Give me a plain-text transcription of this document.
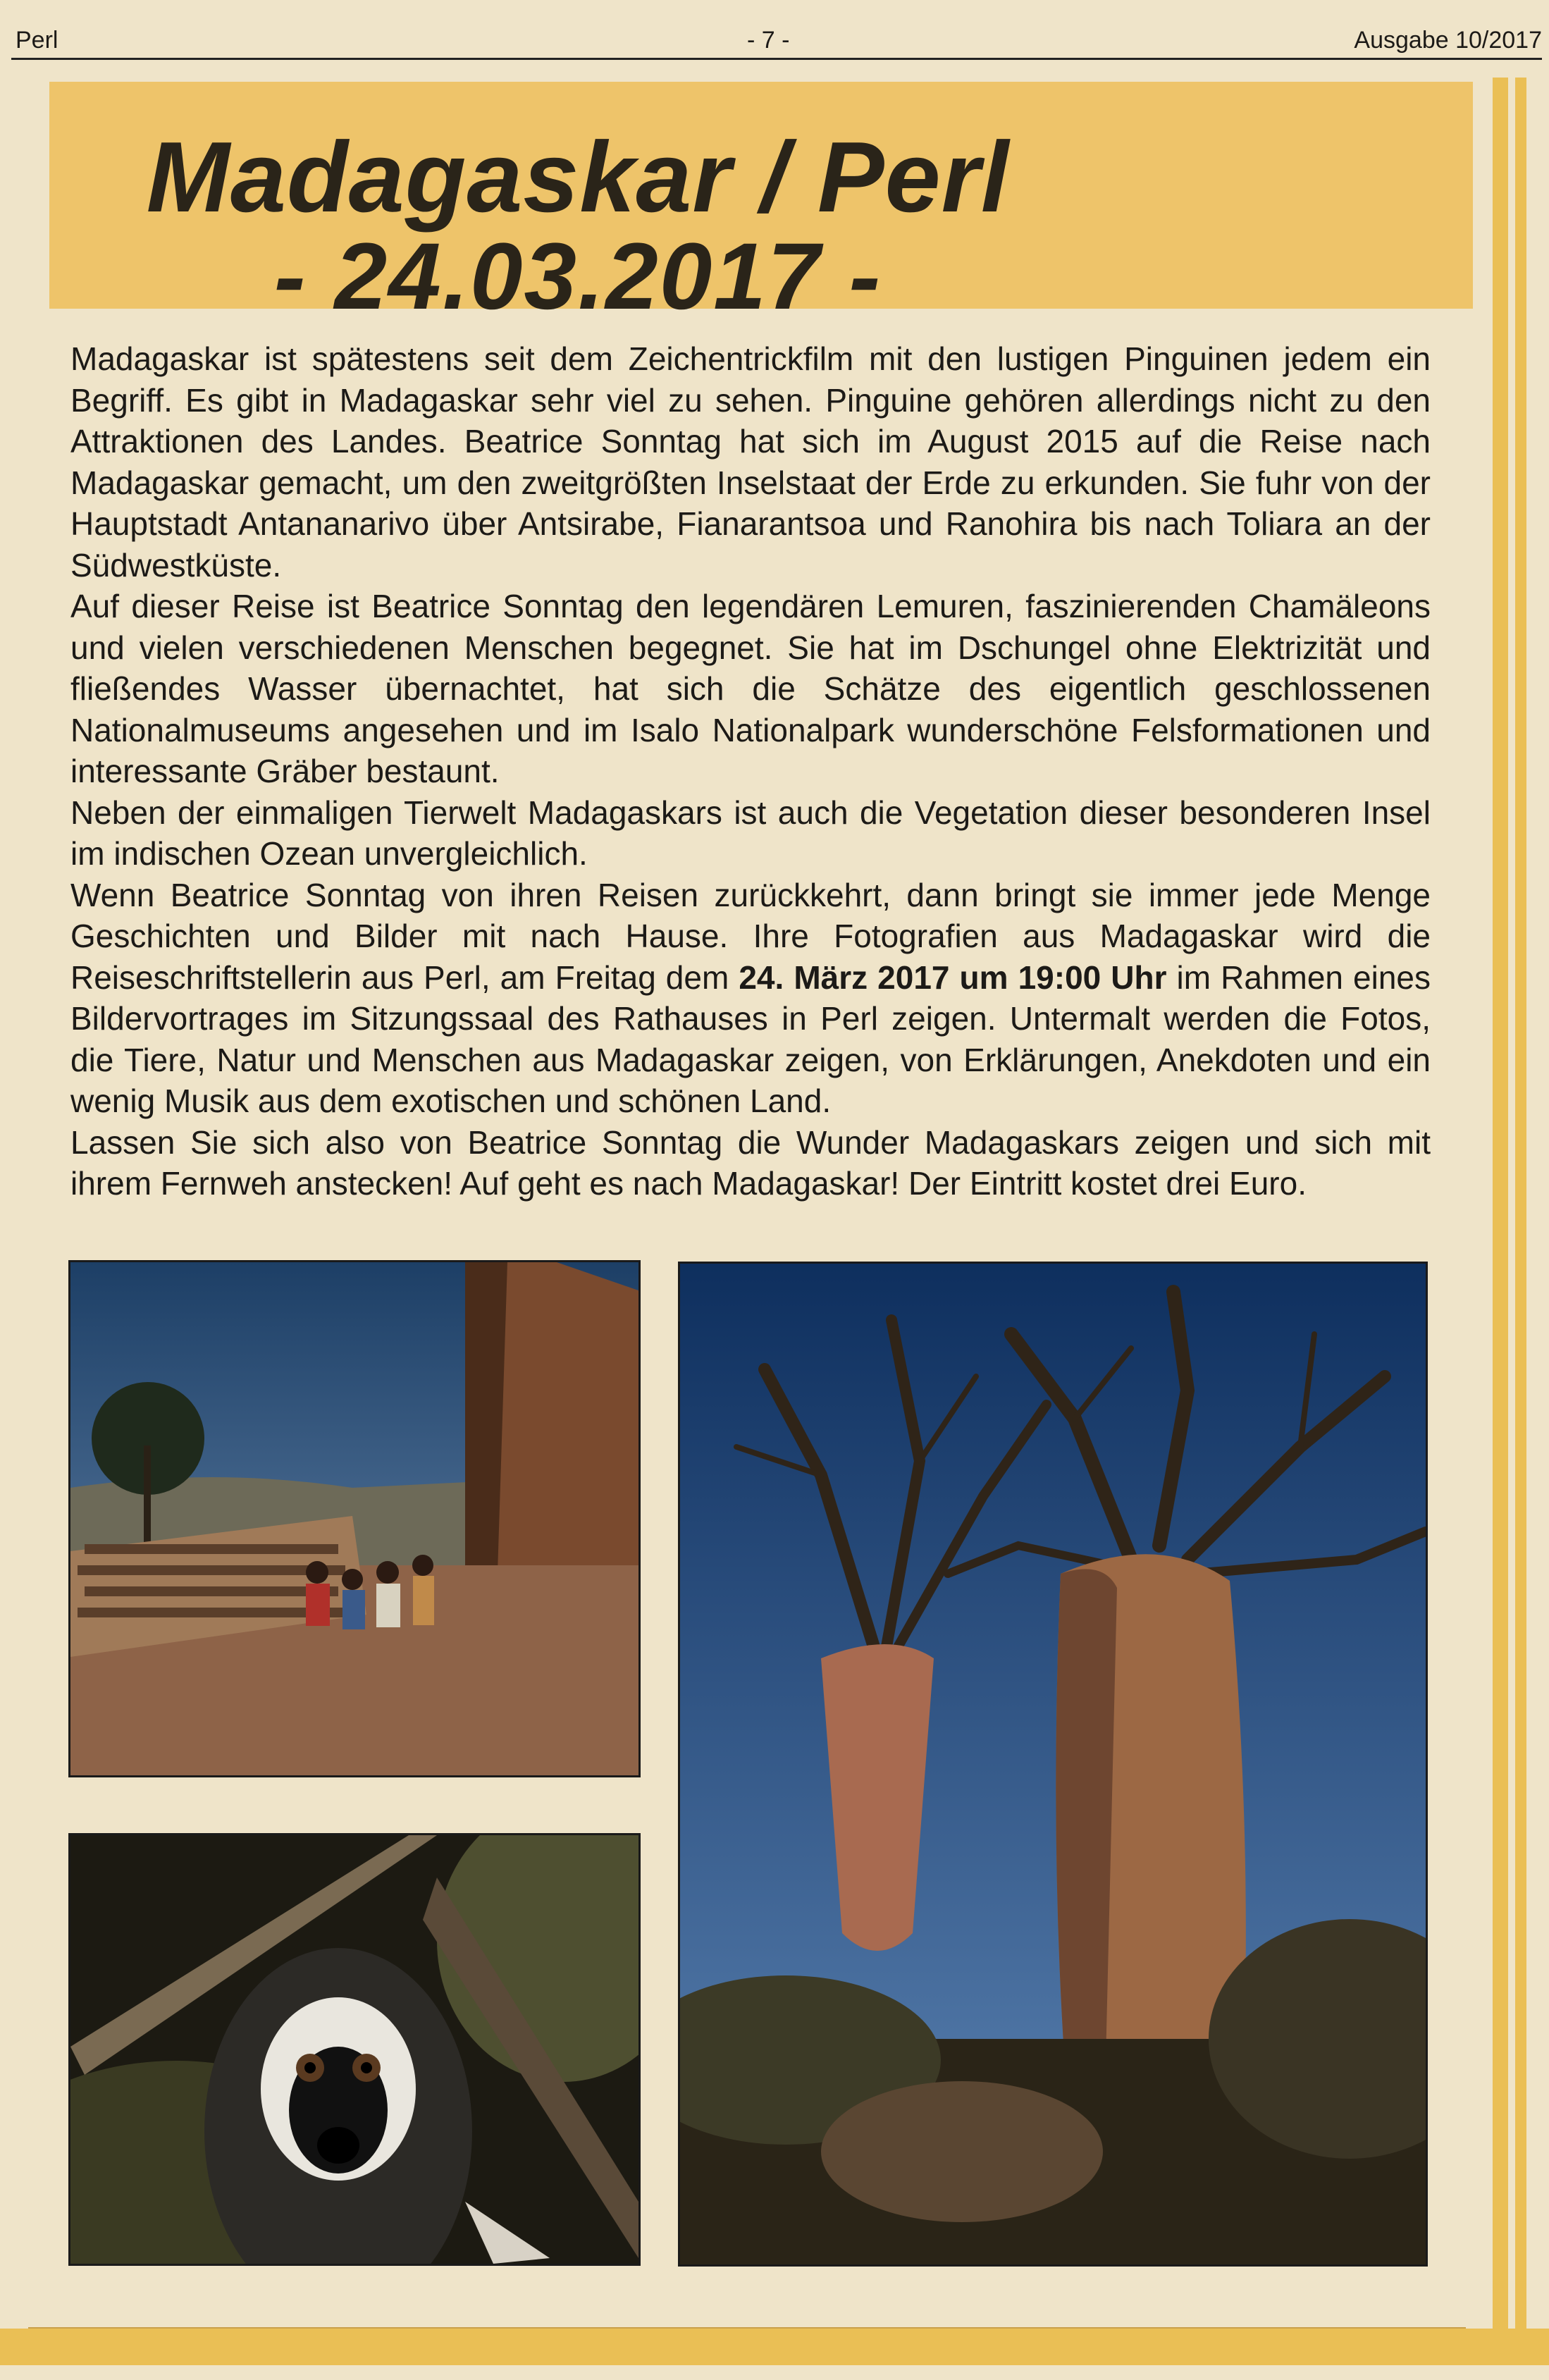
Perl	- 7 -	Ausgabe 10/2017
Madagaskar / Perl
- 24.03.2017 -

Madagaskar ist spätestens seit dem Zeichentrickfilm mit den lustigen Pinguinen jedem ein Begriff. Es gibt in Madagaskar sehr viel zu sehen. Pinguine gehören allerdings nicht zu den Attraktionen des Landes. Beatrice Sonntag hat sich im August 2015 auf die Reise nach Madagaskar gemacht, um den zweitgrößten Inselstaat der Erde zu erkunden. Sie fuhr von der Hauptstadt Antananarivo über Antsirabe, Fianarantsoa und Ranohira bis nach Toliara an der Südwestküste.

Auf dieser Reise ist Beatrice Sonntag den legendären Lemuren, faszinierenden Chamäleons und vielen verschiedenen Menschen begegnet. Sie hat im Dschungel ohne Elektrizität und fließendes Wasser übernachtet, hat sich die Schätze des eigentlich geschlossenen Nationalmuseums angesehen und im Isalo Nationalpark wunderschöne Felsformationen und interessante Gräber bestaunt.

Neben der einmaligen Tierwelt Madagaskars ist auch die Vegetation dieser besonderen Insel im indischen Ozean unvergleichlich.

Wenn Beatrice Sonntag von ihren Reisen zurückkehrt, dann bringt sie immer jede Menge Geschichten und Bilder mit nach Hause. Ihre Fotografien aus Madagaskar wird die Reiseschriftstellerin aus Perl, am Freitag dem 24. März 2017 um 19:00 Uhr im Rahmen eines Bildervortrages im Sitzungssaal des Rathauses in Perl zeigen. Untermalt werden die Fotos, die Tiere, Natur und Menschen aus Madagaskar zeigen, von Erklärungen, Anekdoten und ein wenig Musik aus dem exotischen und schönen Land.

Lassen Sie sich also von Beatrice Sonntag die Wunder Madagaskars zeigen und sich mit ihrem Fernweh anstecken! Auf geht es nach Madagaskar! Der Eintritt kostet drei Euro.
